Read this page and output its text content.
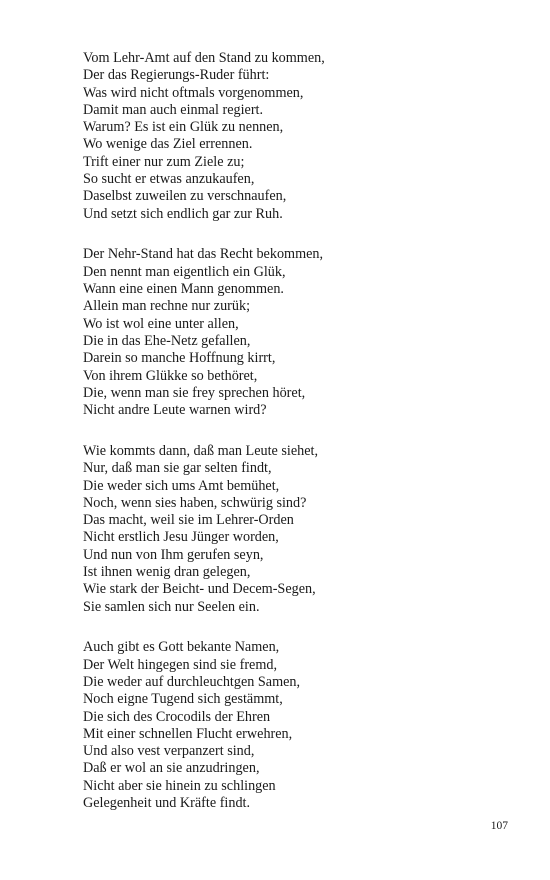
Vom Lehr-Amt auf den Stand zu kommen,
Der das Regierungs-Ruder führt:
Was wird nicht oftmals vorgenommen,
Damit man auch einmal regiert.
Warum? Es ist ein Glük zu nennen,
Wo wenige das Ziel errennen.
Trift einer nur zum Ziele zu;
So sucht er etwas anzukaufen,
Daselbst zuweilen zu verschnaufen,
Und setzt sich endlich gar zur Ruh.
Der Nehr-Stand hat das Recht bekommen,
Den nennt man eigentlich ein Glük,
Wann eine einen Mann genommen.
Allein man rechne nur zurük;
Wo ist wol eine unter allen,
Die in das Ehe-Netz gefallen,
Darein so manche Hoffnung kirrt,
Von ihrem Glükke so bethöret,
Die, wenn man sie frey sprechen höret,
Nicht andre Leute warnen wird?
Wie kommts dann, daß man Leute siehet,
Nur, daß man sie gar selten findt,
Die weder sich ums Amt bemühet,
Noch, wenn sies haben, schwürig sind?
Das macht, weil sie im Lehrer-Orden
Nicht erstlich Jesu Jünger worden,
Und nun von Ihm gerufen seyn,
Ist ihnen wenig dran gelegen,
Wie stark der Beicht- und Decem-Segen,
Sie samlen sich nur Seelen ein.
Auch gibt es Gott bekante Namen,
Der Welt hingegen sind sie fremd,
Die weder auf durchleuchtgen Samen,
Noch eigne Tugend sich gestämmt,
Die sich des Crocodils der Ehren
Mit einer schnellen Flucht erwehren,
Und also vest verpanzert sind,
Daß er wol an sie anzudringen,
Nicht aber sie hinein zu schlingen
Gelegenheit und Kräfte findt.
107
